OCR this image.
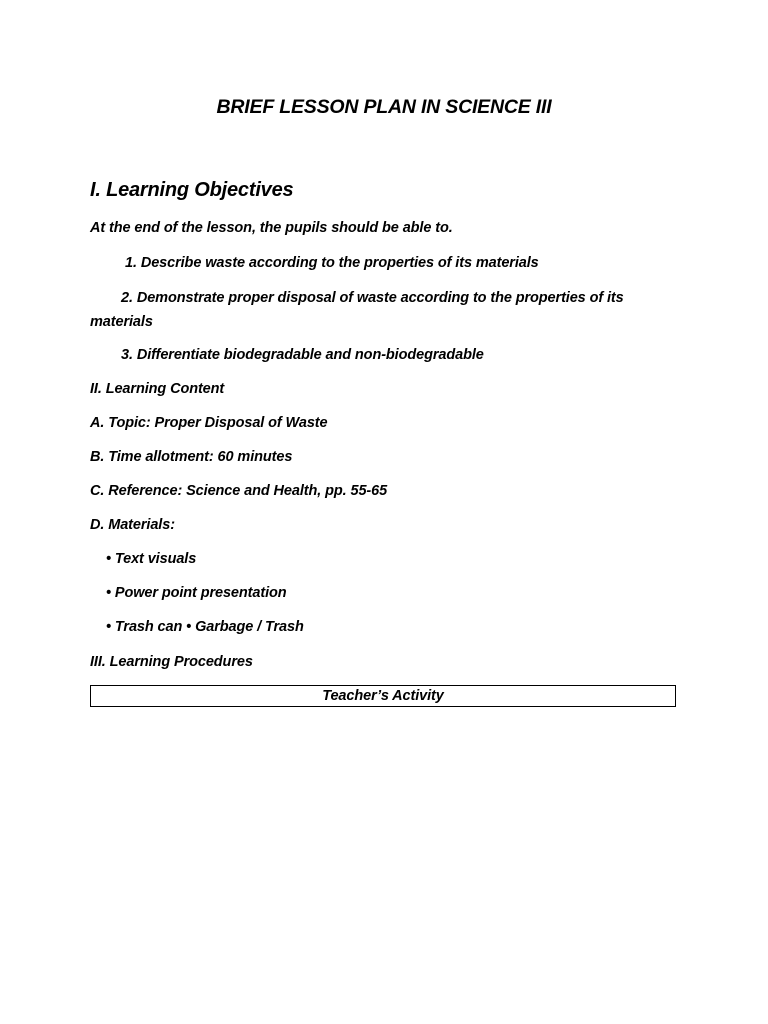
BRIEF LESSON PLAN IN SCIENCE III
I. Learning Objectives
At the end of the lesson, the pupils should be able to.
1. Describe waste according to the properties of its materials
2. Demonstrate proper disposal of waste according to the properties of its materials
3. Differentiate biodegradable and non-biodegradable
II. Learning Content
A. Topic: Proper Disposal of Waste
B. Time allotment: 60 minutes
C. Reference: Science and Health, pp. 55-65
D. Materials:
• Text visuals
• Power point presentation
• Trash can • Garbage / Trash
III. Learning Procedures
Teacher’s Activity
